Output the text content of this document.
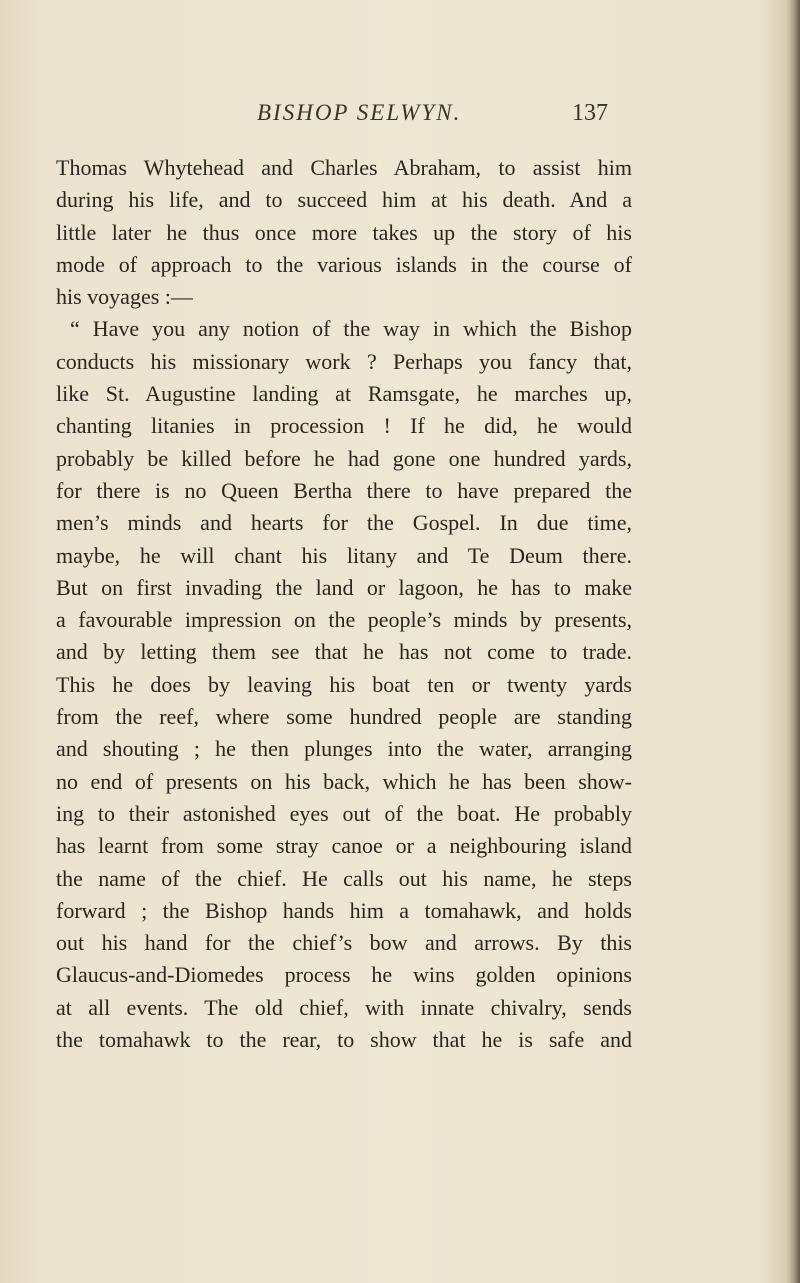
BISHOP SELWYN.	137
Thomas Whytehead and Charles Abraham, to assist him
during his life, and to succeed him at his death. And a
little later he thus once more takes up the story of his
mode of approach to the various islands in the course of
his voyages :—
“ Have you any notion of the way in which the Bishop
conducts his missionary work ? Perhaps you fancy that,
like St. Augustine landing at Ramsgate, he marches up,
chanting litanies in procession ! If he did, he would
probably be killed before he had gone one hundred yards,
for there is no Queen Bertha there to have prepared the
men’s minds and hearts for the Gospel. In due time,
maybe, he will chant his litany and Te Deum there.
But on first invading the land or lagoon, he has to make
a favourable impression on the people’s minds by presents,
and by letting them see that he has not come to trade.
This he does by leaving his boat ten or twenty yards
from the reef, where some hundred people are standing
and shouting ; he then plunges into the water, arranging
no end of presents on his back, which he has been show-
ing to their astonished eyes out of the boat. He probably
has learnt from some stray canoe or a neighbouring island
the name of the chief. He calls out his name, he steps
forward ; the Bishop hands him a tomahawk, and holds
out his hand for the chief’s bow and arrows. By this
Glaucus-and-Diomedes process he wins golden opinions
at all events. The old chief, with innate chivalry, sends
the tomahawk to the rear, to show that he is safe and
